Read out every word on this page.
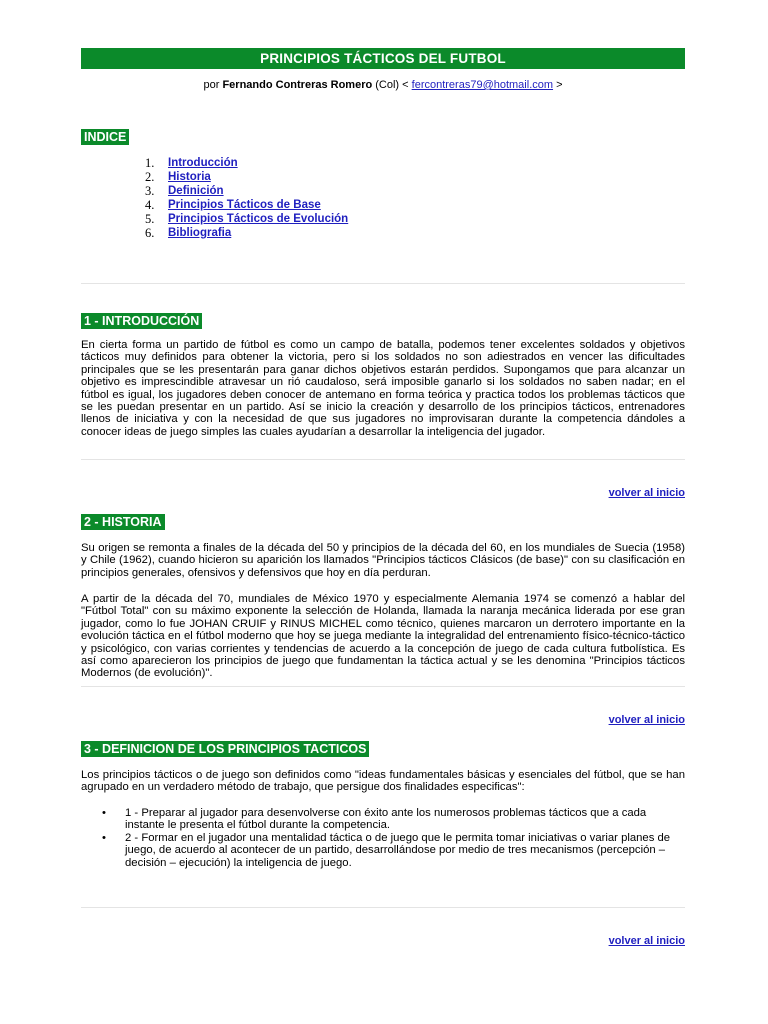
PRINCIPIOS TÁCTICOS DEL FUTBOL
por Fernando Contreras Romero (Col) < fercontreras79@hotmail.com >
INDICE
1.	Introducción
2.	Historia
3.	Definición
4.	Principios Tácticos de Base
5.	Principios Tácticos de Evolución
6.	Bibliografia
1 - INTRODUCCIÓN

En cierta forma un partido de fútbol es como un campo de batalla, podemos tener excelentes soldados y objetivos tácticos muy definidos para obtener la victoria, pero si los soldados no son adiestrados en vencer las dificultades principales que se les presentarán para ganar dichos objetivos estarán perdidos. Supongamos que para alcanzar un objetivo es imprescindible atravesar un rió caudaloso, será imposible ganarlo si los soldados no saben nadar; en el fútbol es igual, los jugadores deben conocer de antemano en forma teórica y practica todos los problemas tácticos que se les puedan presentar en un partido. Así se inicio la creación y desarrollo de los principios tácticos, entrenadores llenos de iniciativa y con la necesidad de que sus jugadores no improvisaran durante la competencia dándoles a conocer ideas de juego simples las cuales ayudarían a desarrollar la inteligencia del jugador.

volver al inicio
2 - HISTORIA

Su origen se remonta a finales de la década del 50 y principios de la década del 60, en los mundiales de Suecia (1958) y Chile (1962), cuando hicieron su aparición los llamados "Principios tácticos Clásicos (de base)" con su clasificación en principios generales, ofensivos y defensivos que hoy en día perduran.

A partir de la década del 70, mundiales de México 1970 y especialmente Alemania 1974 se comenzó a hablar del "Fútbol Total" con su máximo exponente la selección de Holanda, llamada la naranja mecánica liderada por ese gran jugador, como lo fue JOHAN CRUIF y RINUS MICHEL como técnico, quienes marcaron un derrotero importante en la evolución táctica en el fútbol moderno que hoy se juega mediante la integralidad del entrenamiento físico-técnico-táctico y psicológico, con varias corrientes y tendencias de acuerdo a la concepción de juego de cada cultura futbolística. Es así como aparecieron los principios de juego que fundamentan la táctica actual y se les denomina "Principios tácticos Modernos (de evolución)".

volver al inicio
3 - DEFINICION DE LOS PRINCIPIOS TACTICOS

Los principios tácticos o de juego son definidos como "ideas fundamentales básicas y esenciales del fútbol, que se han agrupado en un verdadero método de trabajo, que persigue dos finalidades especificas":

• 1 - Preparar al jugador para desenvolverse con éxito ante los numerosos problemas tácticos que a cada instante le presenta el fútbol durante la competencia.
• 2 - Formar en el jugador una mentalidad táctica o de juego que le permita tomar iniciativas o variar planes de juego, de acuerdo al acontecer de un partido, desarrollándose por medio de tres mecanismos (percepción – decisión – ejecución) la inteligencia de juego.
volver al inicio
